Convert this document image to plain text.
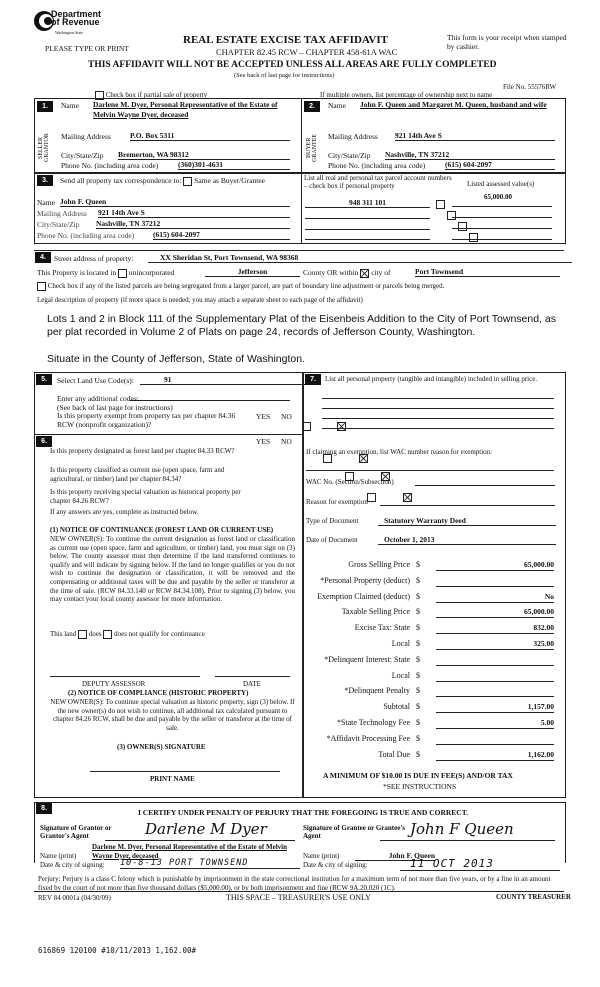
Department of Revenue
Washington State
PLEASE TYPE OR PRINT
REAL ESTATE EXCISE TAX AFFIDAVIT
CHAPTER 82.45 RCW – CHAPTER 458-61A WAC
THIS AFFIDAVIT WILL NOT BE ACCEPTED UNLESS ALL AREAS ARE FULLY COMPLETED
(See back of last page for instructions)
This form is your receipt when stamped by cashier.
File No. 55576RW
Check box if partial sale of property	If multiple owners, list percentage of ownership next to name
1.
SELLER GRANTOR
Name Darlene M. Dyer, Personal Representative of the Estate of Melvin Wayne Dyer, deceased
Mailing Address	P.O. Box 5311
City/State/Zip Bremerton, WA 98312
Phone No. (including area code)	(360)301-4631
2.
BUYER GRANTEE
Name John F. Queen and Margaret M. Queen, husband and wife
Mailing Address 921 14th Ave S
City/State/Zip Nashville, TN 37212
Phone No. (including area code)	(615) 604-2097
3.	Send all property tax correspondence to: Same as Buyer/Grantee
Name John F. Queen
Mailing Address 921 14th Ave S
City/State/Zip Nashville, TN 37212
Phone No. (including area code) (615) 604-2097
List all real and personal tax parcel account numbers – check box if personal property	Listed assessed value(s)
65,000.00
948 311 101

4.	Street address of property:	XX Sheridan St, Port Townsend, WA 98368
This Property is located in unincorporated	Jefferson	County OR within city of	Port Townsend
Check box if any of the listed parcels are being segregated from a larger parcel, are part of boundary line adjustment or parcels being merged.
Legal description of property (if more space is needed, you may attach a separate sheet to each page of the affidavit)
Lots 1 and 2 in Block 111 of the Supplementary Plat of the Eisenbeis Addition to the City of Port Townsend, as per plat recorded in Volume 2 of Plats on page 24, records of Jefferson County, Washington.
Situate in the County of Jefferson, State of Washington.
5.	Select Land Use Code(s):	91
Enter any additional codes:
(See back of last page for instructions)
YES NO
Is this property exempt from property tax per chapter 84.36 RCW (nonprofit organization)?

6.	YES NO
Is this property designated as forest land per chapter 84.33 RCW?

Is this property classified as current use (open space, farm and agricultural, or timber) land per chapter 84.34?

Is this property receiving special valuation as historical property per chapter 84.26 RCW?

If any answers are yes, complete as instructed below.
(1) NOTICE OF CONTINUANCE (FOREST LAND OR CURRENT USE)
NEW OWNER(S): To continue the current designation as forest land or classification as current use (open space, farm and agriculture, or timber) land, you must sign on (3) below. The county assessor must then determine if the land transferred continues to qualify and will indicate by signing below. If the land no longer qualifies or you do not wish to continue the designation or classification, it will be removed and the compensating or additional taxes will be due and payable by the seller or transferor at the time of sale. (RCW 84.33.140 or RCW 84.34.108). Prior to signing (3) below, you may contact your local county assessor for more information.
This land does does not qualify for continuance
DEPUTY ASSESSOR	DATE
(2) NOTICE OF COMPLIANCE (HISTORIC PROPERTY)
NEW OWNER(S): To continue special valuation as historic property, sign (3) below. If the new owner(s) do not wish to continue, all additional tax calculated pursuant to chapter 84.26 RCW, shall be due and payable by the seller or transferor at the time of sale.
(3) OWNER(S) SIGNATURE
PRINT NAME
7.	List all personal property (tangible and intangible) included in selling price.
If claiming an exemption, list WAC number reason for exemption:
WAC No. (Section/Subsection)
Reason for exemption
Type of Document	Statutory Warranty Deed
Date of Document	October 1, 2013
Gross Selling Price $	65,000.00
*Personal Property (deduct) $
Exemption Claimed (deduct) $	No
Taxable Selling Price $	65,000.00
Excise Tax: State $	832.00
Local $	325.00
*Delinquent Interest: State $
Local $
*Delinquent Penalty $
Subtotal $	1,157.00
*State Technology Fee $	5.00
*Affidavit Processing Fee $
Total Due $	1,162.00
A MINIMUM OF $10.00 IS DUE IN FEE(S) AND/OR TAX
*SEE INSTRUCTIONS
8.	I CERTIFY UNDER PENALTY OF PERJURY THAT THE FOREGOING IS TRUE AND CORRECT.
Signature of Grantor or Grantor's Agent	Darlene M Dyer
Darlene M. Dyer, Personal Representative of the Estate of Melvin Wayne Dyer, deceased
Name (print)
Date & city of signing: 10-8-13 PORT TOWNSEND
Signature of Grantee or Grantee's Agent	John F Queen
Name (print)	John F. Queen
Date & city of signing:	11 OCT 2013
Perjury: Perjury is a class C felony which is punishable by imprisonment in the state correctional institution for a maximum term of not more than five years, or by a fine in an amount fixed by the court of not more than five thousand dollars ($5,000.00), or by both imprisonment and fine (RCW 9A.20.020 (1C).
REV 84 0001a (04/30/09)	THIS SPACE – TREASURER'S USE ONLY	COUNTY TREASURER
616869 120100 #10/11/2013 1,162.00#
